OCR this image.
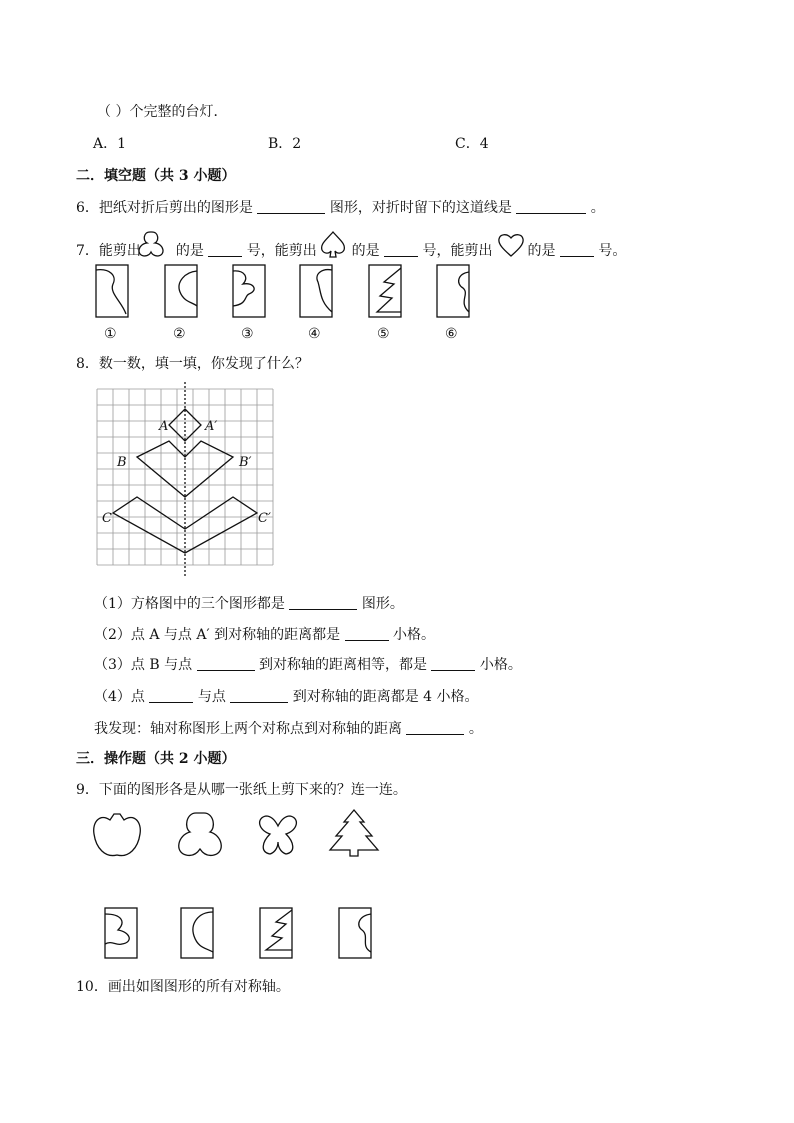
（ ）个完整的台灯．
A．1	B．2	C．4
二．填空题（共 3 小题）
6．把纸对折后剪出的图形是	图形，对折时留下的这道线是	。
7．能剪出 的是	号，能剪出 的是	号，能剪出 的是	号。
①	②	③	④	⑤	⑥
8．数一数，填一填，你发现了什么？
A	A′
B	B′
C	C′
（1）方格图中的三个图形都是	图形。
（2）点 A 与点 A′ 到对称轴的距离都是	小格。
（3）点 B 与点	到对称轴的距离相等，都是	小格。
（4）点	与点	到对称轴的距离都是 4 小格。
我发现：轴对称图形上两个对称点到对称轴的距离	。
三．操作题（共 2 小题）
9．下面的图形各是从哪一张纸上剪下来的？连一连。
10．画出如图图形的所有对称轴。
